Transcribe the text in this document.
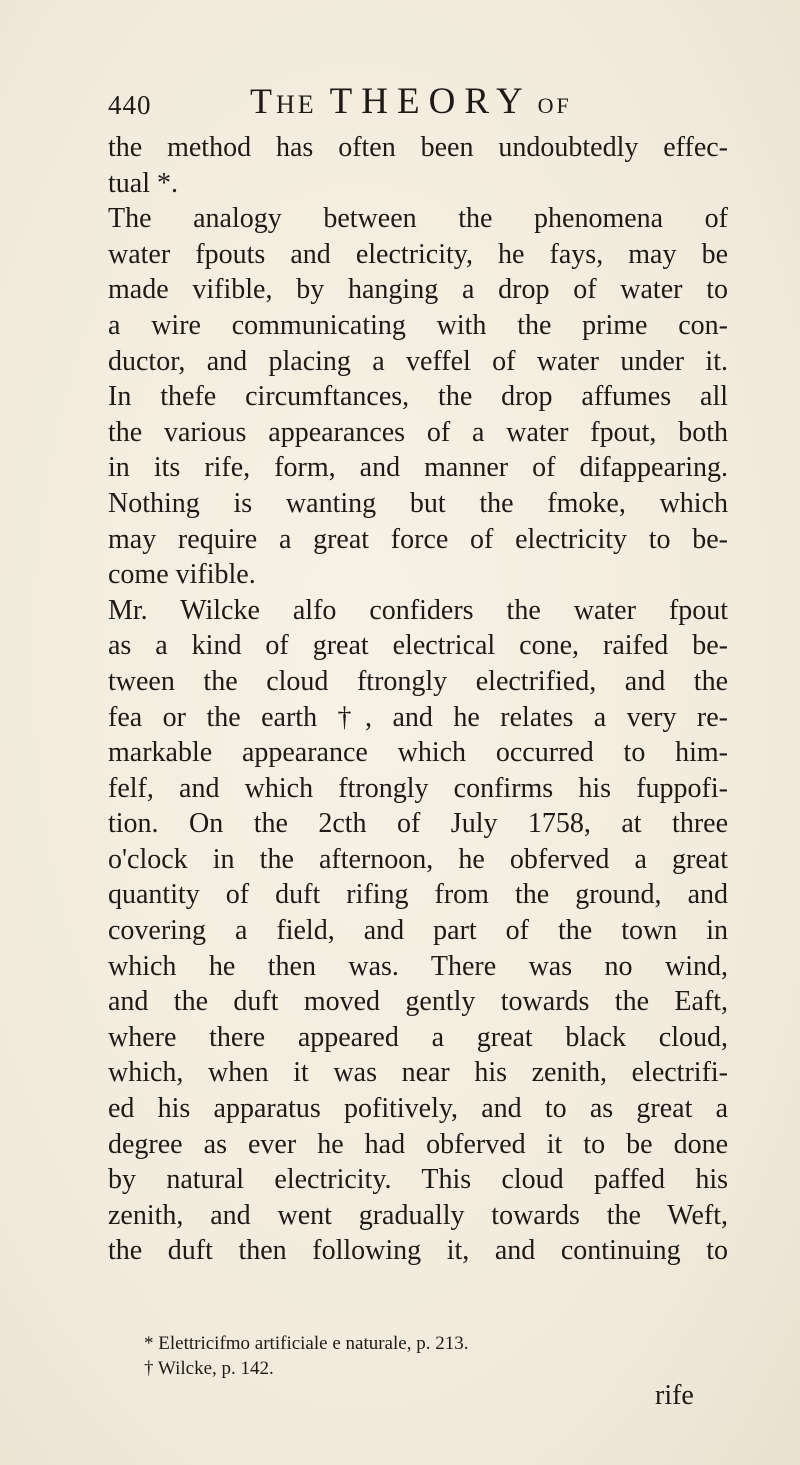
440	THE THEORY OF
the method has often been undoubtedly effec-
tual *.
The analogy between the phenomena of
water fpouts and electricity, he fays, may be
made vifible, by hanging a drop of water to
a wire communicating with the prime con-
ductor, and placing a veffel of water under it.
In thefe circumftances, the drop affumes all
the various appearances of a water fpout, both
in its rife, form, and manner of difappearing.
Nothing is wanting but the fmoke, which
may require a great force of electricity to be-
come vifible.
Mr. Wilcke alfo confiders the water fpout
as a kind of great electrical cone, raifed be-
tween the cloud ftrongly electrified, and the
fea or the earth †, and he relates a very re-
markable appearance which occurred to him-
felf, and which ftrongly confirms his fuppofi-
tion. On the 2cth of July 1758, at three
o'clock in the afternoon, he obferved a great
quantity of duft rifing from the ground, and
covering a field, and part of the town in
which he then was. There was no wind,
and the duft moved gently towards the Eaft,
where there appeared a great black cloud,
which, when it was near his zenith, electrifi-
ed his apparatus pofitively, and to as great a
degree as ever he had obferved it to be done
by natural electricity. This cloud paffed his
zenith, and went gradually towards the Weft,
the duft then following it, and continuing to
* Elettricifmo artificiale e naturale, p. 213.
† Wilcke, p. 142.
rife
